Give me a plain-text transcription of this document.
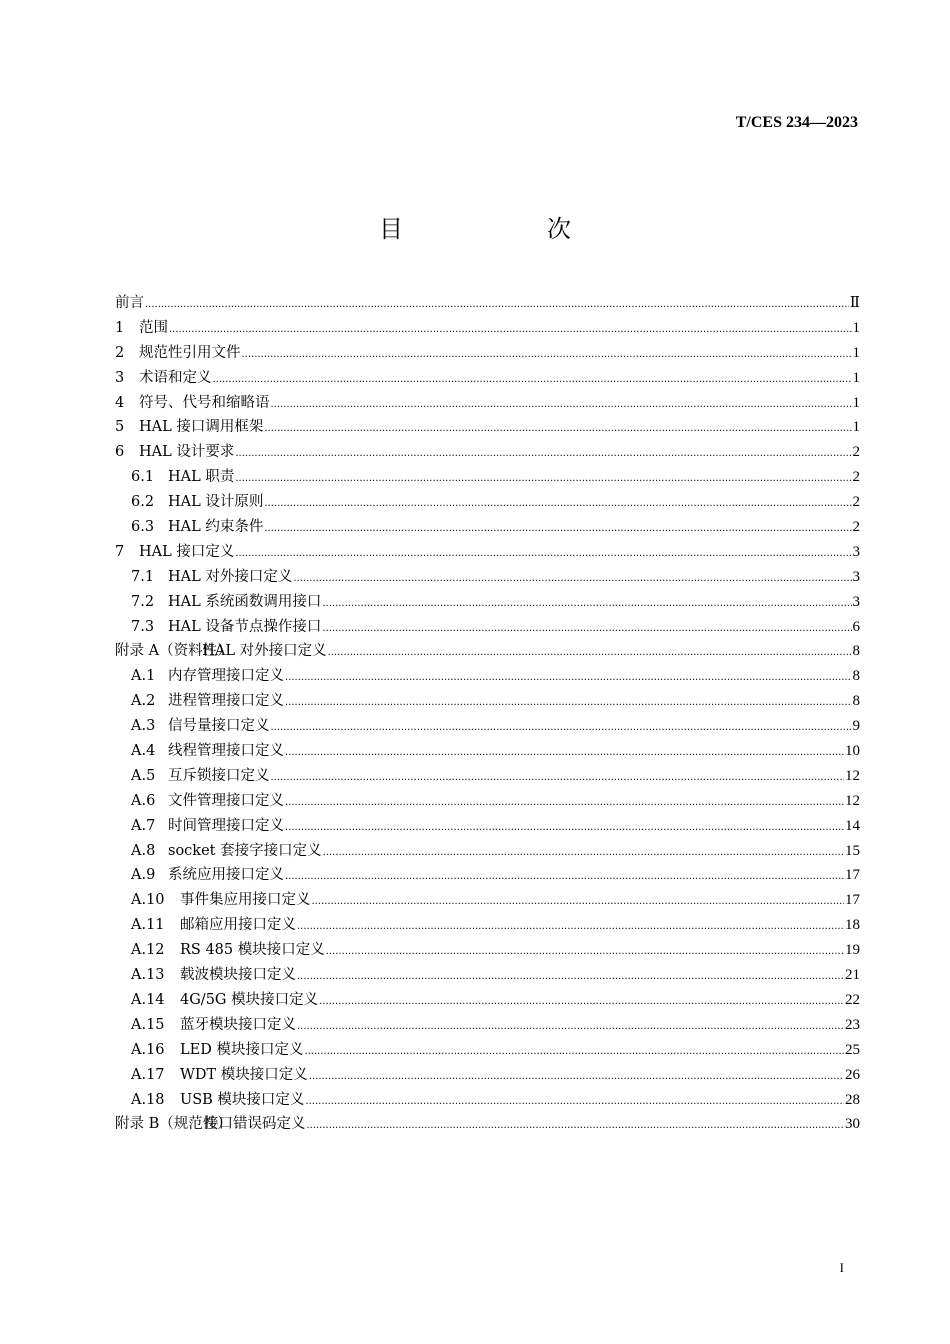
T/CES 234—2023
目　次
前言 .....	Ⅱ
1	范围 .....	1
2	规范性引用文件 .....	1
3	术语和定义 .....	1
4	符号、代号和缩略语 .....	1
5	HAL 接口调用框架 .....	1
6	HAL 设计要求 .....	2
6.1 HAL 职责 .....	2
6.2 HAL 设计原则 .....	2
6.3 HAL 约束条件 .....	2
7	HAL 接口定义 .....	3
7.1 HAL 对外接口定义 .....	3
7.2 HAL 系统函数调用接口 .....	3
7.3 HAL 设备节点操作接口 .....	6
附录 A（资料性）
HAL 对外接口定义 .....	8
A.1 内存管理接口定义 .....	8
A.2 进程管理接口定义 .....	8
A.3 信号量接口定义 .....	9
A.4 线程管理接口定义 .....	10
A.5 互斥锁接口定义 .....	12
A.6 文件管理接口定义 .....	12
A.7 时间管理接口定义 .....	14
A.8 socket 套接字接口定义 .....	15
A.9 系统应用接口定义 .....	17
A.10	事件集应用接口定义 .....	17
A.11	邮箱应用接口定义 .....	18
A.12	RS 485 模块接口定义 .....	19
A.13	载波模块接口定义 .....	21
A.14	4G/5G 模块接口定义 .....	22
A.15	蓝牙模块接口定义 .....	23
A.16	LED 模块接口定义 .....	25
A.17	WDT 模块接口定义 .....	26
A.18	USB 模块接口定义 .....	28
附录 B（规范性）
接口错误码定义 .....	30
I
